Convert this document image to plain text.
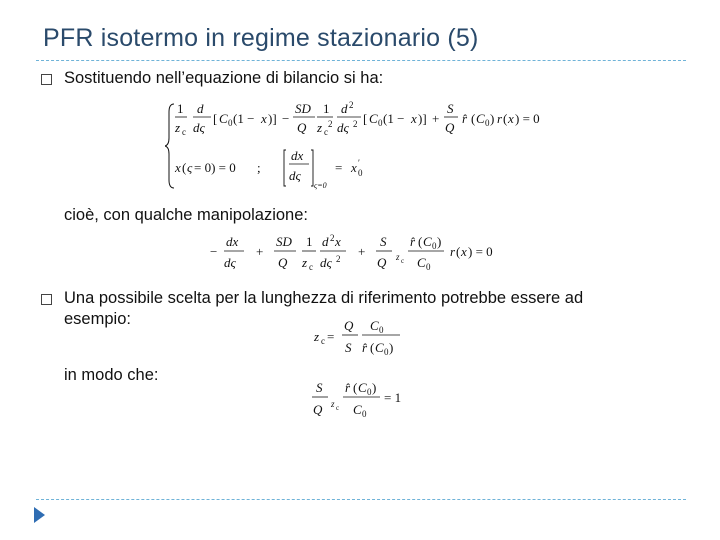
PFR isotermo in regime stazionario (5)
Sostituendo nell’equazione di bilancio si ha:
1
z c
d
dς
[ C 0 (1 − x )] −
SD
Q
1
z c
2
d 2
dς 2 [ C 0 (1 − x )] +
S
Q
r̂ ( C 0 ) r ( x ) = 0
x ( ς = 0) = 0 ;
dx
dς
ς=0
= x ′
0
cioè, con qualche manipolazione:
−
dx
dς
+
SD
Q
1
z c
d 2 x
dς 2 +
S
Q z c
r̂ ( C 0 )
C 0
r ( x ) = 0
Una possibile scelta per la lunghezza di riferimento potrebbe essere ad esempio:
z c =
Q
S
C 0
r̂ ( C 0 )
in modo che:
S
Q z c
r̂ ( C 0 )
C 0
= 1
